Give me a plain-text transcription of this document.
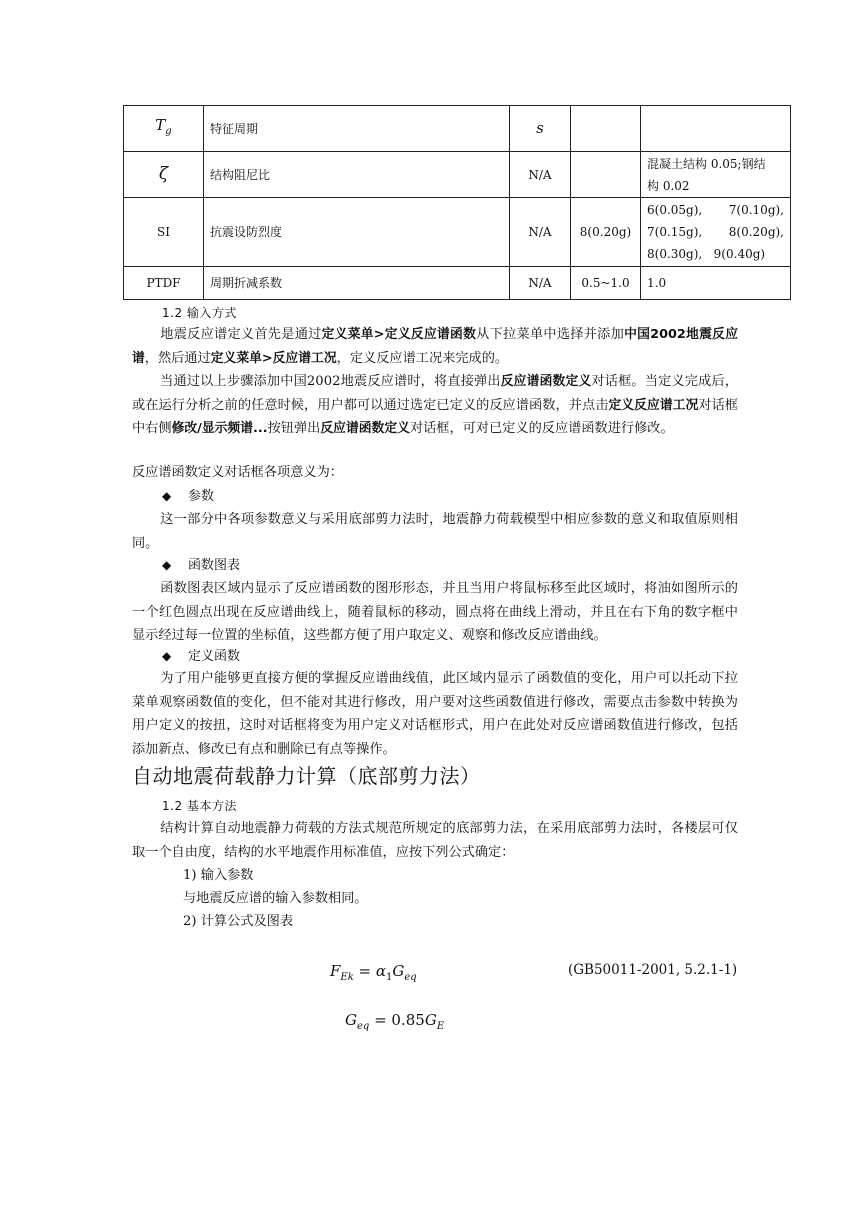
$T_g$	特征周期	s		
ζ	结构阻尼比	N/A		混凝土结构 0.05;钢结
构 0.02

SI	抗震设防烈度	N/A	8(0.20g)	6(0.05g), 7(0.10g),
7(0.15g), 8(0.20g),
8(0.30g), 9(0.40g)

PTDF	周期折减系数	N/A	0.5~1.0	1.0
1.2 输入方式
地震反应谱定义首先是通过定义菜单>定义反应谱函数从下拉菜单中选择并添加中国2002地震反应谱，然后通过定义菜单>反应谱工况，定义反应谱工况来完成的。
当通过以上步骤添加中国2002地震反应谱时，将直接弹出反应谱函数定义对话框。当定义完成后，或在运行分析之前的任意时候，用户都可以通过选定已定义的反应谱函数，并点击定义反应谱工况对话框中右侧修改/显示频谱...按钮弹出反应谱函数定义对话框，可对已定义的反应谱函数进行修改。
反应谱函数定义对话框各项意义为：
◆ 参数
这一部分中各项参数意义与采用底部剪力法时，地震静力荷载模型中相应参数的意义和取值原则相同。
◆ 函数图表
函数图表区域内显示了反应谱函数的图形形态，并且当用户将鼠标移至此区域时，将油如图所示的一个红色圆点出现在反应谱曲线上，随着鼠标的移动，圆点将在曲线上滑动，并且在右下角的数字框中显示经过每一位置的坐标值，这些都方便了用户取定义、观察和修改反应谱曲线。
◆ 定义函数
为了用户能够更直接方便的掌握反应谱曲线值，此区域内显示了函数值的变化，用户可以托动下拉菜单观察函数值的变化，但不能对其进行修改，用户要对这些函数值进行修改，需要点击参数中转换为用户定义的按扭，这时对话框将变为用户定义对话框形式，用户在此处对反应谱函数值进行修改，包括添加新点、修改已有点和删除已有点等操作。
自动地震荷载静力计算（底部剪力法）
1.2 基本方法
结构计算自动地震静力荷载的方法式规范所规定的底部剪力法，在采用底部剪力法时，各楼层可仅取一个自由度，结构的水平地震作用标准值，应按下列公式确定：
1) 输入参数
与地震反应谱的输入参数相同。
2) 计算公式及图表
$F_{Ek} = \alpha_1G_{eq}$	(GB50011-2001, 5.2.1-1)
$G_{eq} = 0.85G_E$
